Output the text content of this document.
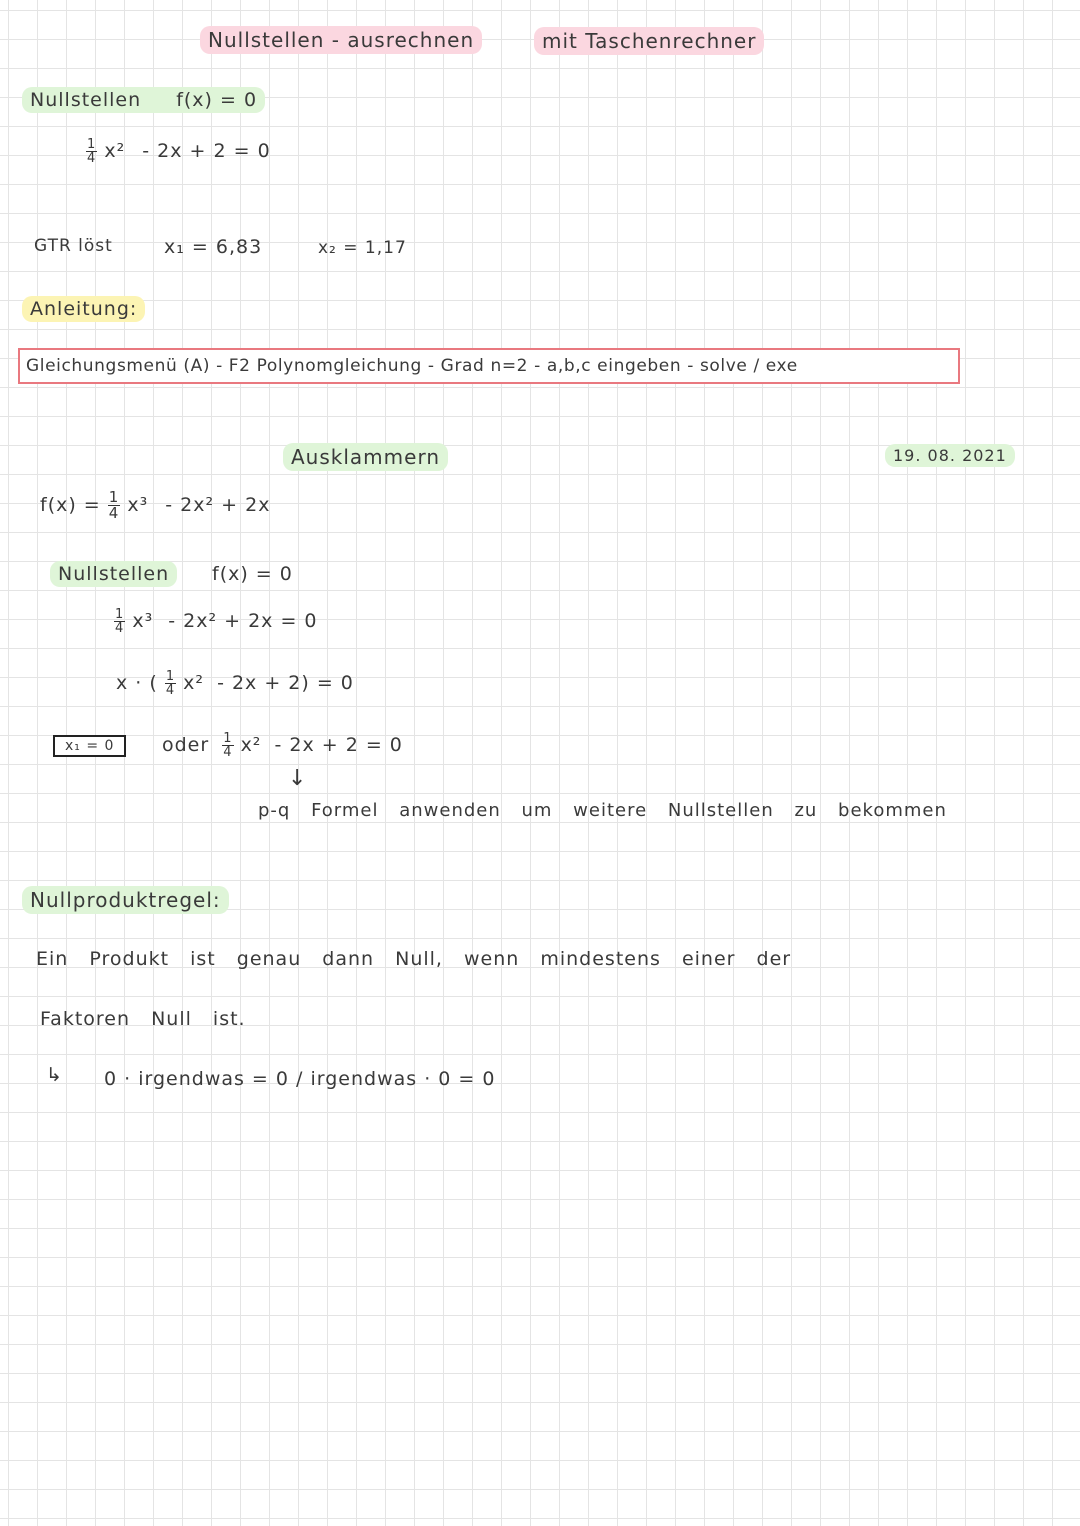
Nullstellen - ausrechnen	mit Taschenrechner
Nullstellen f(x) = 0
$\frac{1}{4} x^2 - 2x + 2 = 0$
GTR löst	x₁ = 6,83	x₂ = 1,17
Anleitung:
Gleichungsmenü (A) - F2 Polynomgleichung - Grad n=2 - a,b,c eingeben - solve / exe
Ausklammern	19. 08. 2021
$f(x) = \frac{1}{4} x^3 - 2x^2 + 2x$
Nullstellen	f(x) = 0
$\frac{1}{4} x^3 - 2x^2 + 2x = 0$
x · ( $\frac{1}{4} x^2 - 2x + 2) = 0$
x₁ = 0	oder $\frac{1}{4} x^2 - 2x + 2 = 0$
↓
p-q Formel anwenden um weitere Nullstellen zu bekommen
Nullproduktregel:
Ein Produkt ist genau dann Null, wenn mindestens einer der
Faktoren Null ist.
↳ 0 · irgendwas = 0 / irgendwas · 0 = 0
